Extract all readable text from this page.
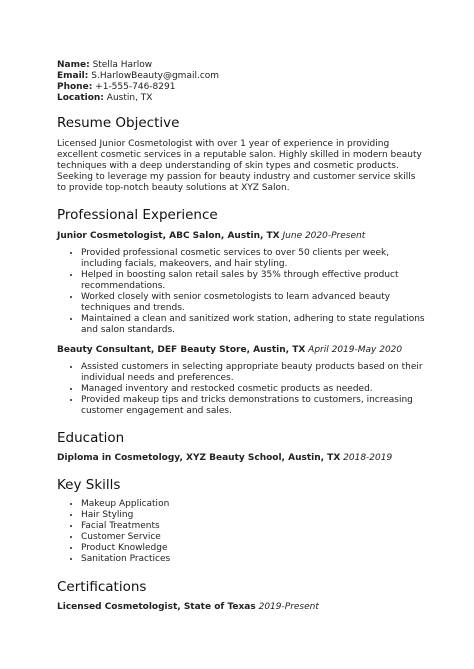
Name: Stella Harlow
Email: S.HarlowBeauty@gmail.com
Phone: +1-555-746-8291
Location: Austin, TX
Resume Objective

Licensed Junior Cosmetologist with over 1 year of experience in providing excellent cosmetic services in a reputable salon. Highly skilled in modern beauty techniques with a deep understanding of skin types and cosmetic products. Seeking to leverage my passion for beauty industry and customer service skills to provide top-notch beauty solutions at XYZ Salon.

Professional Experience
Junior Cosmetologist, ABC Salon, Austin, TX June 2020-Present
• Provided professional cosmetic services to over 50 clients per week, including facials, makeovers, and hair styling.
• Helped in boosting salon retail sales by 35% through effective product recommendations.
• Worked closely with senior cosmetologists to learn advanced beauty techniques and trends.
• Maintained a clean and sanitized work station, adhering to state regulations and salon standards.
Beauty Consultant, DEF Beauty Store, Austin, TX April 2019-May 2020
• Assisted customers in selecting appropriate beauty products based on their individual needs and preferences.
• Managed inventory and restocked cosmetic products as needed.
• Provided makeup tips and tricks demonstrations to customers, increasing customer engagement and sales.
Education
Diploma in Cosmetology, XYZ Beauty School, Austin, TX 2018-2019
Key Skills
• Makeup Application
• Hair Styling
• Facial Treatments
• Customer Service
• Product Knowledge
• Sanitation Practices
Certifications
Licensed Cosmetologist, State of Texas 2019-Present
